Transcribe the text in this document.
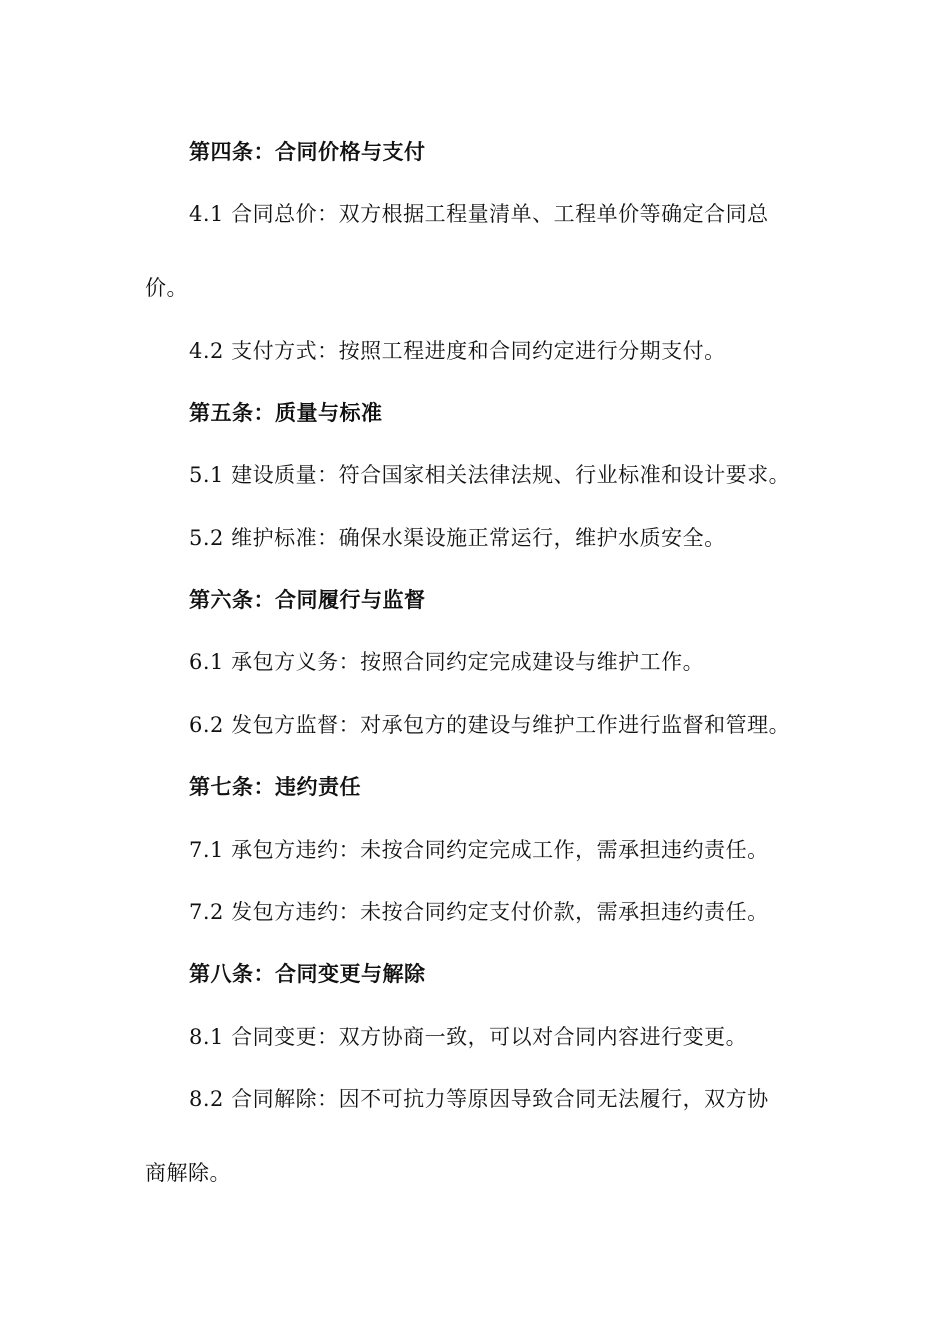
第四条：合同价格与支付
4.1 合同总价：双方根据工程量清单、工程单价等确定合同总
价。
4.2 支付方式：按照工程进度和合同约定进行分期支付。
第五条：质量与标准
5.1 建设质量：符合国家相关法律法规、行业标准和设计要求。
5.2 维护标准：确保水渠设施正常运行，维护水质安全。
第六条：合同履行与监督
6.1 承包方义务：按照合同约定完成建设与维护工作。
6.2 发包方监督：对承包方的建设与维护工作进行监督和管理。
第七条：违约责任
7.1 承包方违约：未按合同约定完成工作，需承担违约责任。
7.2 发包方违约：未按合同约定支付价款，需承担违约责任。
第八条：合同变更与解除
8.1 合同变更：双方协商一致，可以对合同内容进行变更。
8.2 合同解除：因不可抗力等原因导致合同无法履行，双方协
商解除。
